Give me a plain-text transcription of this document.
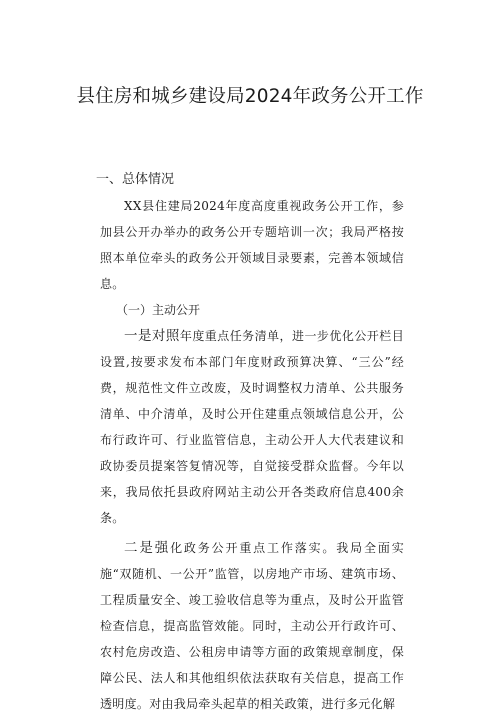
县住房和城乡建设局2024年政务公开工作
一、总体情况

XX县住建局2024年度高度重视政务公开工作，参加县公开办举办的政务公开专题培训一次；我局严格按照本单位牵头的政务公开领域目录要素，完善本领域信息。

（一）主动公开

一是对照年度重点任务清单，进一步优化公开栏目设置,按要求发布本部门年度财政预算决算、“三公”经费，规范性文件立改废，及时调整权力清单、公共服务清单、中介清单，及时公开住建重点领域信息公开，公布行政许可、行业监管信息，主动公开人大代表建议和政协委员提案答复情况等，自觉接受群众监督。今年以来，我局依托县政府网站主动公开各类政府信息400余条。

二是强化政务公开重点工作落实。我局全面实施“双随机、一公开”监管，以房地产市场、建筑市场、工程质量安全、竣工验收信息等为重点，及时公开监管检查信息，提高监管效能。同时，主动公开行政许可、农村危房改造、公租房申请等方面的政策规章制度，保障公民、法人和其他组织依法获取有关信息，提高工作透明度。对由我局牵头起草的相关政策，进行多元化解
